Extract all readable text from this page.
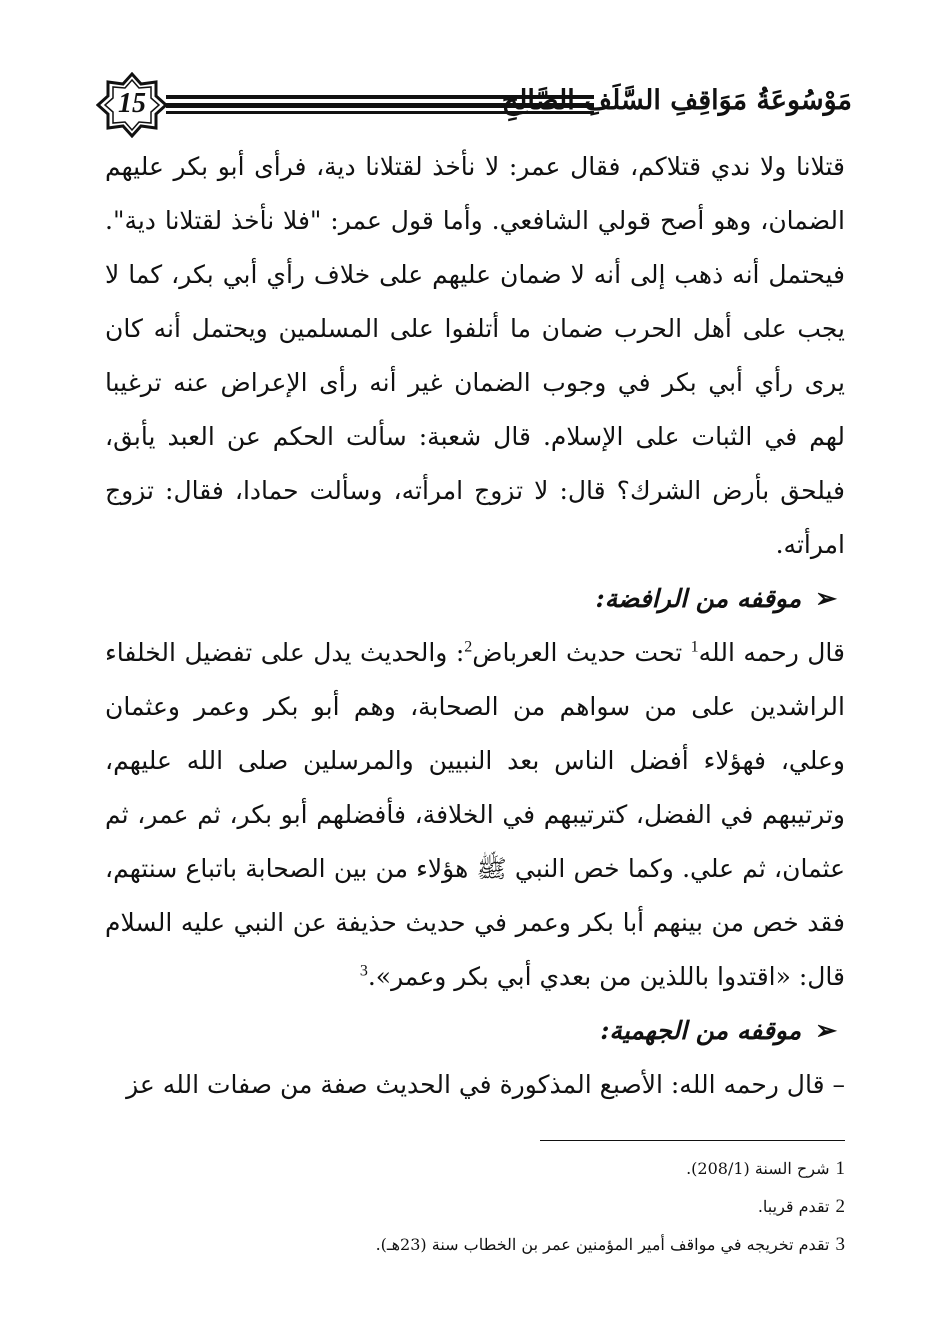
15	مَوْسُوعَةُ مَوَاقِفِ السَّلَفِ الصَّالِحِ

قتلانا ولا ندي قتلاكم، فقال عمر: لا نأخذ لقتلانا دية، فرأى أبو بكر عليهم الضمان، وهو أصح قولي الشافعي. وأما قول عمر: "فلا نأخذ لقتلانا دية". فيحتمل أنه ذهب إلى أنه لا ضمان عليهم على خلاف رأي أبي بكر، كما لا يجب على أهل الحرب ضمان ما أتلفوا على المسلمين ويحتمل أنه كان يرى رأي أبي بكر في وجوب الضمان غير أنه رأى الإعراض عنه ترغيبا لهم في الثبات على الإسلام. قال شعبة: سألت الحكم عن العبد يأبق، فيلحق بأرض الشرك؟ قال: لا تزوج امرأته، وسألت حمادا، فقال: تزوج امرأته.

➢
موقفه من الرافضة:

قال رحمه الله$^1$ تحت حديث العرباض$^2$: والحديث يدل على تفضيل الخلفاء الراشدين على من سواهم من الصحابة، وهم أبو بكر وعمر وعثمان وعلي، فهؤلاء أفضل الناس بعد النبيين والمرسلين صلى الله عليهم، وترتيبهم في الفضل، كترتيبهم في الخلافة، فأفضلهم أبو بكر، ثم عمر، ثم عثمان، ثم علي. وكما خص النبي ﷺ هؤلاء من بين الصحابة باتباع سنتهم، فقد خص من بينهم أبا بكر وعمر في حديث حذيفة عن النبي عليه السلام قال: «اقتدوا باللذين من بعدي أبي بكر وعمر».$^3$

➢
موقفه من الجهمية:

– قال رحمه الله: الأصبع المذكورة في الحديث صفة من صفات الله عز

1شرح السنة (208/1).

2تقدم قريبا.

3تقدم تخريجه في مواقف أمير المؤمنين عمر بن الخطاب سنة (23هـ).
